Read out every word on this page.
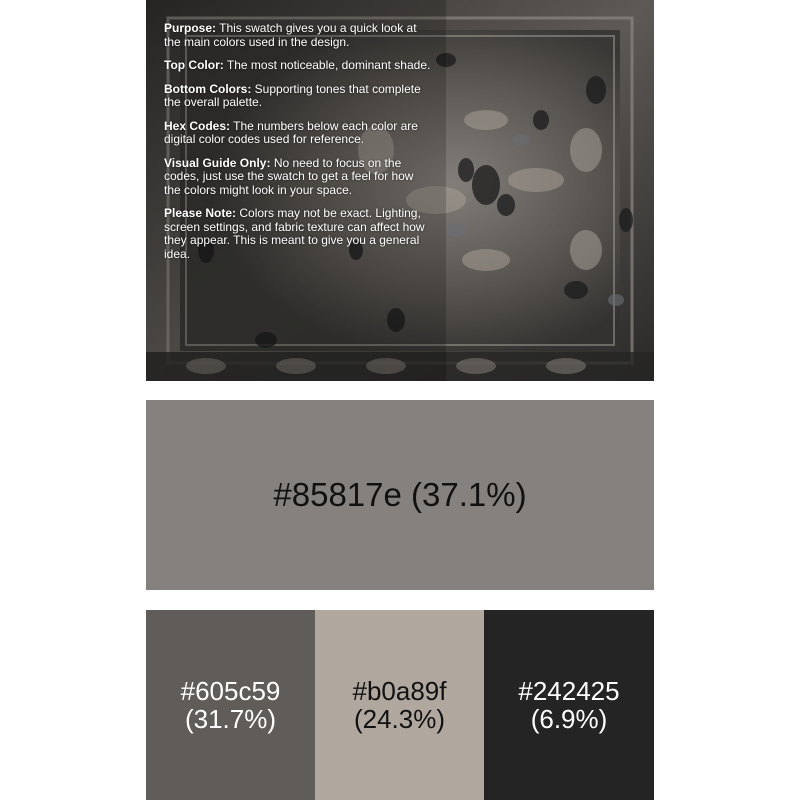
Purpose: This swatch gives you a quick look at the main colors used in the design.

Top Color: The most noticeable, dominant shade.

Bottom Colors: Supporting tones that complete the overall palette.

Hex Codes: The numbers below each color are digital color codes used for reference.

Visual Guide Only: No need to focus on the codes, just use the swatch to get a feel for how the colors might look in your space.

Please Note: Colors may not be exact. Lighting, screen settings, and fabric texture can affect how they appear. This is meant to give you a general idea.

#85817e (37.1%)
#605c59
(31.7%)
#b0a89f
(24.3%)
#242425
(6.9%)
